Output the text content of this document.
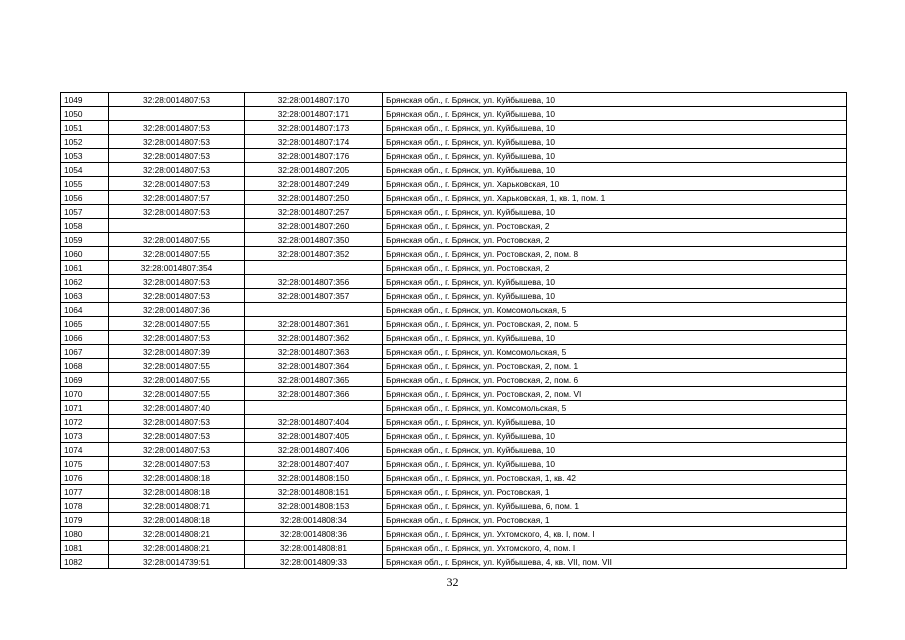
1049	32:28:0014807:53	32:28:0014807:170	Брянская обл., г. Брянск, ул. Куйбышева, 10
1050		32:28:0014807:171	Брянская обл., г. Брянск, ул. Куйбышева, 10
1051	32:28:0014807:53	32:28:0014807:173	Брянская обл., г. Брянск, ул. Куйбышева, 10
1052	32:28:0014807:53	32:28:0014807:174	Брянская обл., г. Брянск, ул. Куйбышева, 10
1053	32:28:0014807:53	32:28:0014807:176	Брянская обл., г. Брянск, ул. Куйбышева, 10
1054	32:28:0014807:53	32:28:0014807:205	Брянская обл., г. Брянск, ул. Куйбышева, 10
1055	32:28:0014807:53	32:28:0014807:249	Брянская обл., г. Брянск, ул. Харьковская, 10
1056	32:28:0014807:57	32:28:0014807:250	Брянская обл., г. Брянск, ул. Харьковская, 1, кв. 1, пом. 1
1057	32:28:0014807:53	32:28:0014807:257	Брянская обл., г. Брянск, ул. Куйбышева, 10
1058		32:28:0014807:260	Брянская обл., г. Брянск, ул. Ростовская, 2
1059	32:28:0014807:55	32:28:0014807:350	Брянская обл., г. Брянск, ул. Ростовская, 2
1060	32:28:0014807:55	32:28:0014807:352	Брянская обл., г. Брянск, ул. Ростовская, 2, пом. 8
1061	32:28:0014807:354		Брянская обл., г. Брянск, ул. Ростовская, 2
1062	32:28:0014807:53	32:28:0014807:356	Брянская обл., г. Брянск, ул. Куйбышева, 10
1063	32:28:0014807:53	32:28:0014807:357	Брянская обл., г. Брянск, ул. Куйбышева, 10
1064	32:28:0014807:36		Брянская обл., г. Брянск, ул. Комсомольская, 5
1065	32:28:0014807:55	32:28:0014807:361	Брянская обл., г. Брянск, ул. Ростовская, 2, пом. 5
1066	32:28:0014807:53	32:28:0014807:362	Брянская обл., г. Брянск, ул. Куйбышева, 10
1067	32:28:0014807:39	32:28:0014807:363	Брянская обл., г. Брянск, ул. Комсомольская, 5
1068	32:28:0014807:55	32:28:0014807:364	Брянская обл., г. Брянск, ул. Ростовская, 2, пом. 1
1069	32:28:0014807:55	32:28:0014807:365	Брянская обл., г. Брянск, ул. Ростовская, 2, пом. 6
1070	32:28:0014807:55	32:28:0014807:366	Брянская обл., г. Брянск, ул. Ростовская, 2, пом. VI
1071	32:28:0014807:40		Брянская обл., г. Брянск, ул. Комсомольская, 5
1072	32:28:0014807:53	32:28:0014807:404	Брянская обл., г. Брянск, ул. Куйбышева, 10
1073	32:28:0014807:53	32:28:0014807:405	Брянская обл., г. Брянск, ул. Куйбышева, 10
1074	32:28:0014807:53	32:28:0014807:406	Брянская обл., г. Брянск, ул. Куйбышева, 10
1075	32:28:0014807:53	32:28:0014807:407	Брянская обл., г. Брянск, ул. Куйбышева, 10
1076	32:28:0014808:18	32:28:0014808:150	Брянская обл., г. Брянск, ул. Ростовская, 1, кв. 42
1077	32:28:0014808:18	32:28:0014808:151	Брянская обл., г. Брянск, ул. Ростовская, 1
1078	32:28:0014808:71	32:28:0014808:153	Брянская обл., г. Брянск, ул. Куйбышева, 6, пом. 1
1079	32:28:0014808:18	32:28:0014808:34	Брянская обл., г. Брянск, ул. Ростовская, 1
1080	32:28:0014808:21	32:28:0014808:36	Брянская обл., г. Брянск, ул. Ухтомского, 4, кв. I, пом. I
1081	32:28:0014808:21	32:28:0014808:81	Брянская обл., г. Брянск, ул. Ухтомского, 4, пом. I
1082	32:28:0014739:51	32:28:0014809:33	Брянская обл., г. Брянск, ул. Куйбышева, 4, кв. VII, пом. VII
32
